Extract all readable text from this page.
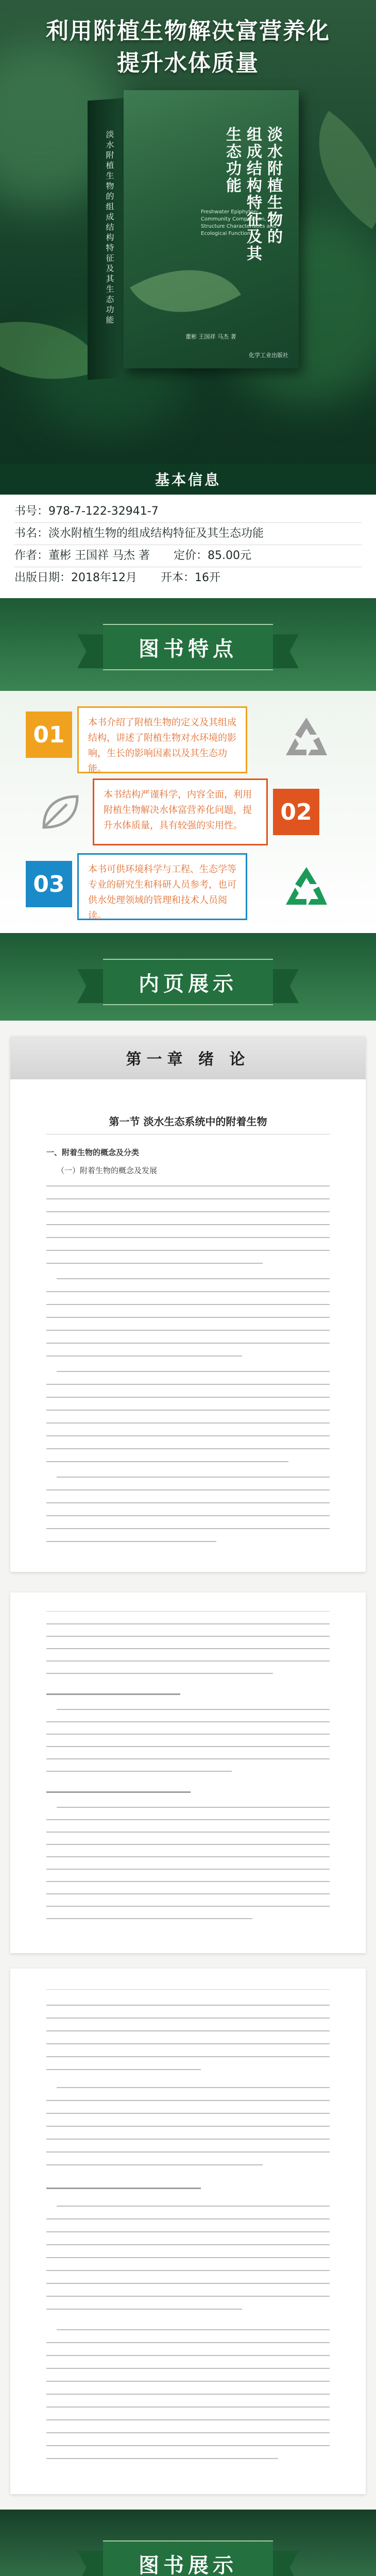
利用附植生物解决富营养化
提升水体质量
淡水附植生物的组成结构特征及其生态功能	淡水附植生物的
组成结构特征及其
生态功能
Freshwater Epiphyton: Community Composition, Structure Characteristics and Ecological Function
董彬 王国祥 马杰 著
化学工业出版社
基本信息
书号： 978-7-122-32941-7
书名： 淡水附植生物的组成结构特征及其生态功能
作者： 董彬 王国祥 马杰 著 定价： 85.00元
出版日期： 2018年12月 开本： 16开
图书特点
01	本书介绍了附植生物的定义及其组成结构，讲述了附植生物对水环境的影响，生长的影响因素以及其生态功能。
本书结构严谨科学，内容全面，利用附植生物解决水体富营养化问题，提升水体质量，具有较强的实用性。
02
03
本书可供环境科学与工程、生态学等专业的研究生和科研人员参考，也可供水处理领域的管理和技术人员阅读。
内页展示
第一章 绪 论
第一节 淡水生态系统中的附着生物
一、附着生物的概念及分类
（一）附着生物的概念及发展
图书展示
